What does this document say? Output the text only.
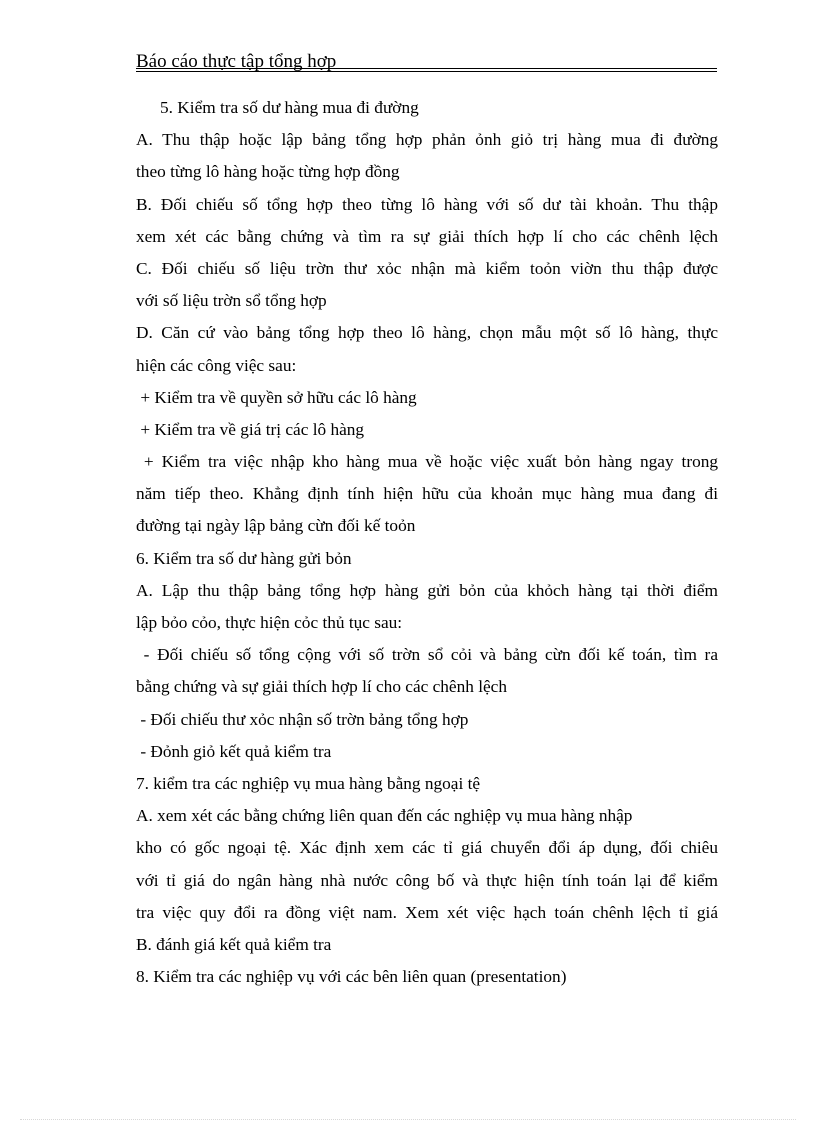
Báo cáo thực tập tổng hợp
5. Kiểm tra số dư hàng mua đi đường
A. Thu thập hoặc lập bảng tổng hợp phản ỏnh giỏ trị hàng mua đi đường
theo từng lô hàng hoặc từng hợp đồng
B. Đối chiếu số tổng hợp theo từng lô hàng với số dư tài khoản. Thu thập
xem xét các bằng chứng và tìm ra sự giải thích hợp lí cho các chênh lệch
C. Đối chiếu số liệu trờn thư xỏc nhận mà kiểm toỏn viờn thu thập được
với số liệu trờn sổ tổng hợp
D. Căn cứ vào bảng tổng hợp theo lô hàng, chọn mẫu một số lô hàng, thực
hiện các công việc sau:
+ Kiểm tra về quyền sở hữu các lô hàng
+ Kiểm tra về giá trị các lô hàng
+ Kiểm tra việc nhập kho hàng mua về hoặc việc xuất bỏn hàng ngay trong
năm tiếp theo. Khẳng định tính hiện hữu của khoản mục hàng mua đang đi
đường tại ngày lập bảng cừn đối kế toỏn
6. Kiểm tra số dư hàng gửi bỏn
A. Lập thu thập bảng tổng hợp hàng gửi bỏn của khỏch hàng tại thời điểm
lập bỏo cỏo, thực hiện cỏc thủ tục sau:
- Đối chiếu số tổng cộng với số trờn sổ cỏi và bảng cừn đối kế toán, tìm ra
bằng chứng và sự giải thích hợp lí cho các chênh lệch
- Đối chiếu thư xỏc nhận số trờn bảng tổng hợp
- Đỏnh giỏ kết quả kiểm tra
7. kiểm tra các nghiệp vụ mua hàng bằng ngoại tệ
A. xem xét các bằng chứng liên quan đến các nghiệp vụ mua hàng nhập
kho có gốc ngoại tệ. Xác định xem các tỉ giá chuyển đổi áp dụng, đối chiêu
với tỉ giá do ngân hàng nhà nước công bố và thực hiện tính toán lại để kiểm
tra việc quy đổi ra đồng việt nam. Xem xét việc hạch toán chênh lệch tỉ giá
B. đánh giá kết quả kiểm tra
8. Kiểm tra các nghiệp vụ với các bên liên quan (presentation)
